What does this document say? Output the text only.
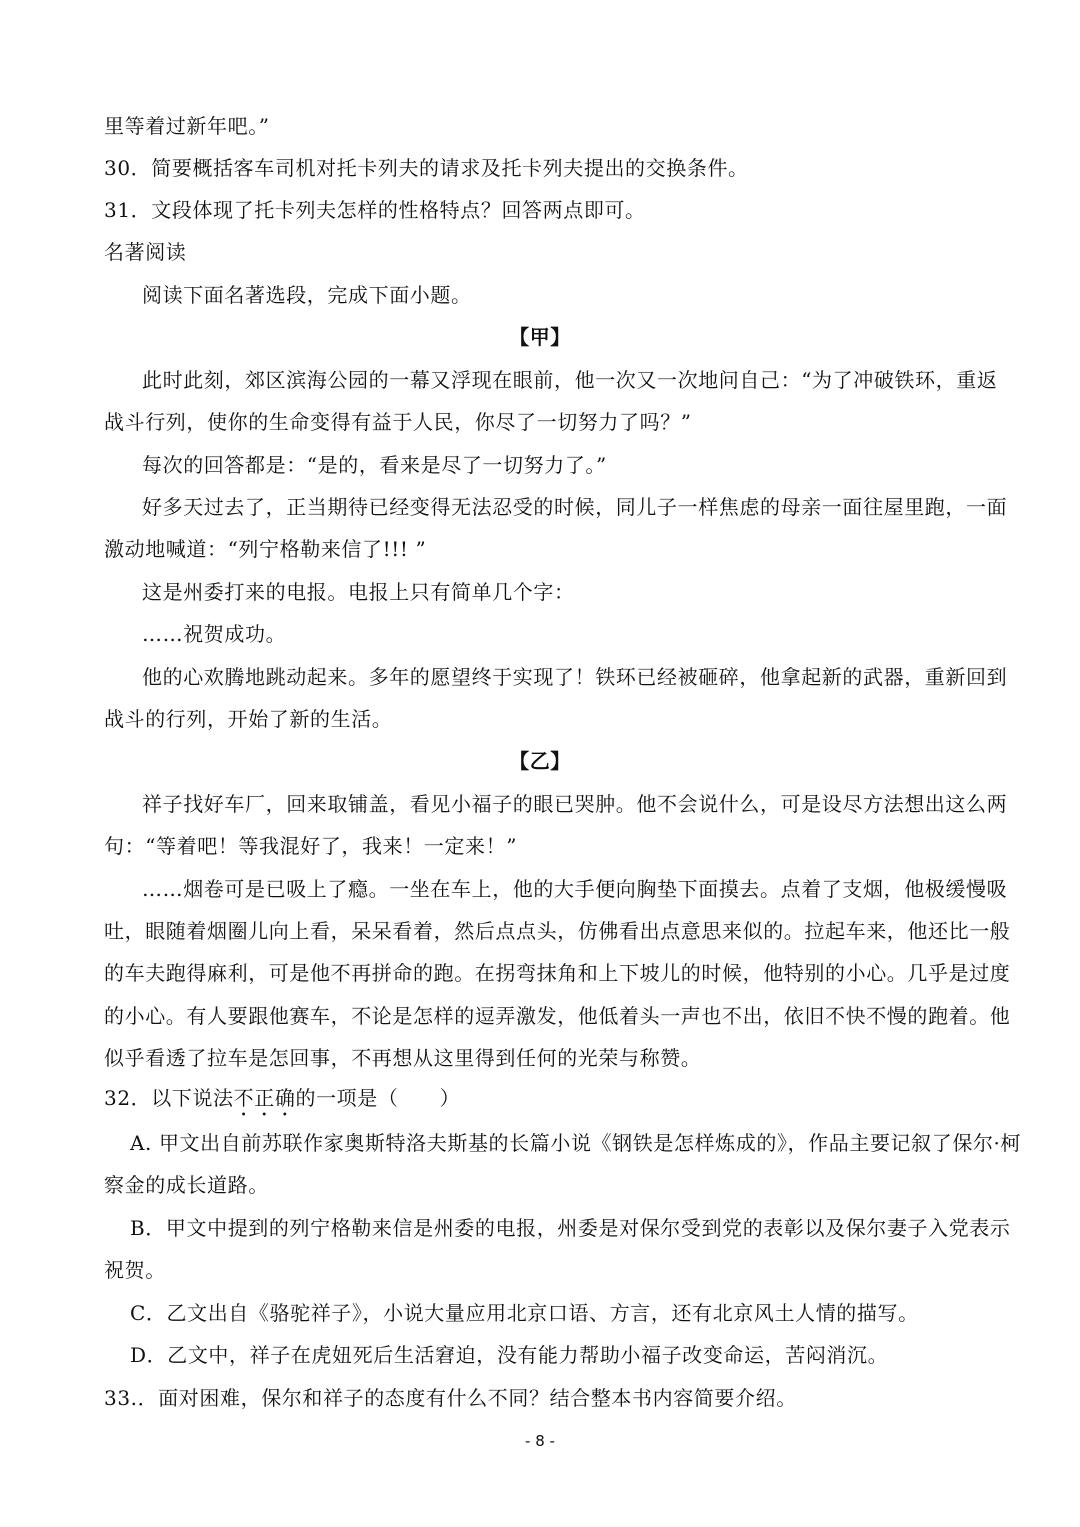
里等着过新年吧。”
30．简要概括客车司机对托卡列夫的请求及托卡列夫提出的交换条件。
31．文段体现了托卡列夫怎样的性格特点？回答两点即可。
名著阅读
阅读下面名著选段，完成下面小题。
【甲】
此时此刻，郊区滨海公园的一幕又浮现在眼前，他一次又一次地问自己：“为了冲破铁环，重返
战斗行列，使你的生命变得有益于人民，你尽了一切努力了吗？”
每次的回答都是：“是的，看来是尽了一切努力了。”
好多天过去了，正当期待已经变得无法忍受的时候，同儿子一样焦虑的母亲一面往屋里跑，一面
激动地喊道：“列宁格勒来信了!!! ”
这是州委打来的电报。电报上只有简单几个字：
……祝贺成功。
他的心欢腾地跳动起来。多年的愿望终于实现了！铁环已经被砸碎，他拿起新的武器，重新回到
战斗的行列，开始了新的生活。
【乙】
祥子找好车厂，回来取铺盖，看见小福子的眼已哭肿。他不会说什么，可是设尽方法想出这么两
句：“等着吧！等我混好了，我来！一定来！”
……烟卷可是已吸上了瘾。一坐在车上，他的大手便向胸垫下面摸去。点着了支烟，他极缓慢吸
吐，眼随着烟圈儿向上看，呆呆看着，然后点点头，仿佛看出点意思来似的。拉起车来，他还比一般
的车夫跑得麻利，可是他不再拼命的跑。在拐弯抹角和上下坡儿的时候，他特别的小心。几乎是过度
的小心。有人要跟他赛车，不论是怎样的逗弄激发，他低着头一声也不出，依旧不快不慢的跑着。他
似乎看透了拉车是怎回事，不再想从这里得到任何的光荣与称赞。
32．以下说法不正确的一项是（　　）
A. 甲文出自前苏联作家奥斯特洛夫斯基的长篇小说《钢铁是怎样炼成的》，作品主要记叙了保尔·柯
察金的成长道路。
B．甲文中提到的列宁格勒来信是州委的电报，州委是对保尔受到党的表彰以及保尔妻子入党表示
祝贺。
C．乙文出自《骆驼祥子》，小说大量应用北京口语、方言，还有北京风土人情的描写。
D．乙文中，祥子在虎妞死后生活窘迫，没有能力帮助小福子改变命运，苦闷消沉。
33.．面对困难，保尔和祥子的态度有什么不同？结合整本书内容简要介绍。
- 8 -
